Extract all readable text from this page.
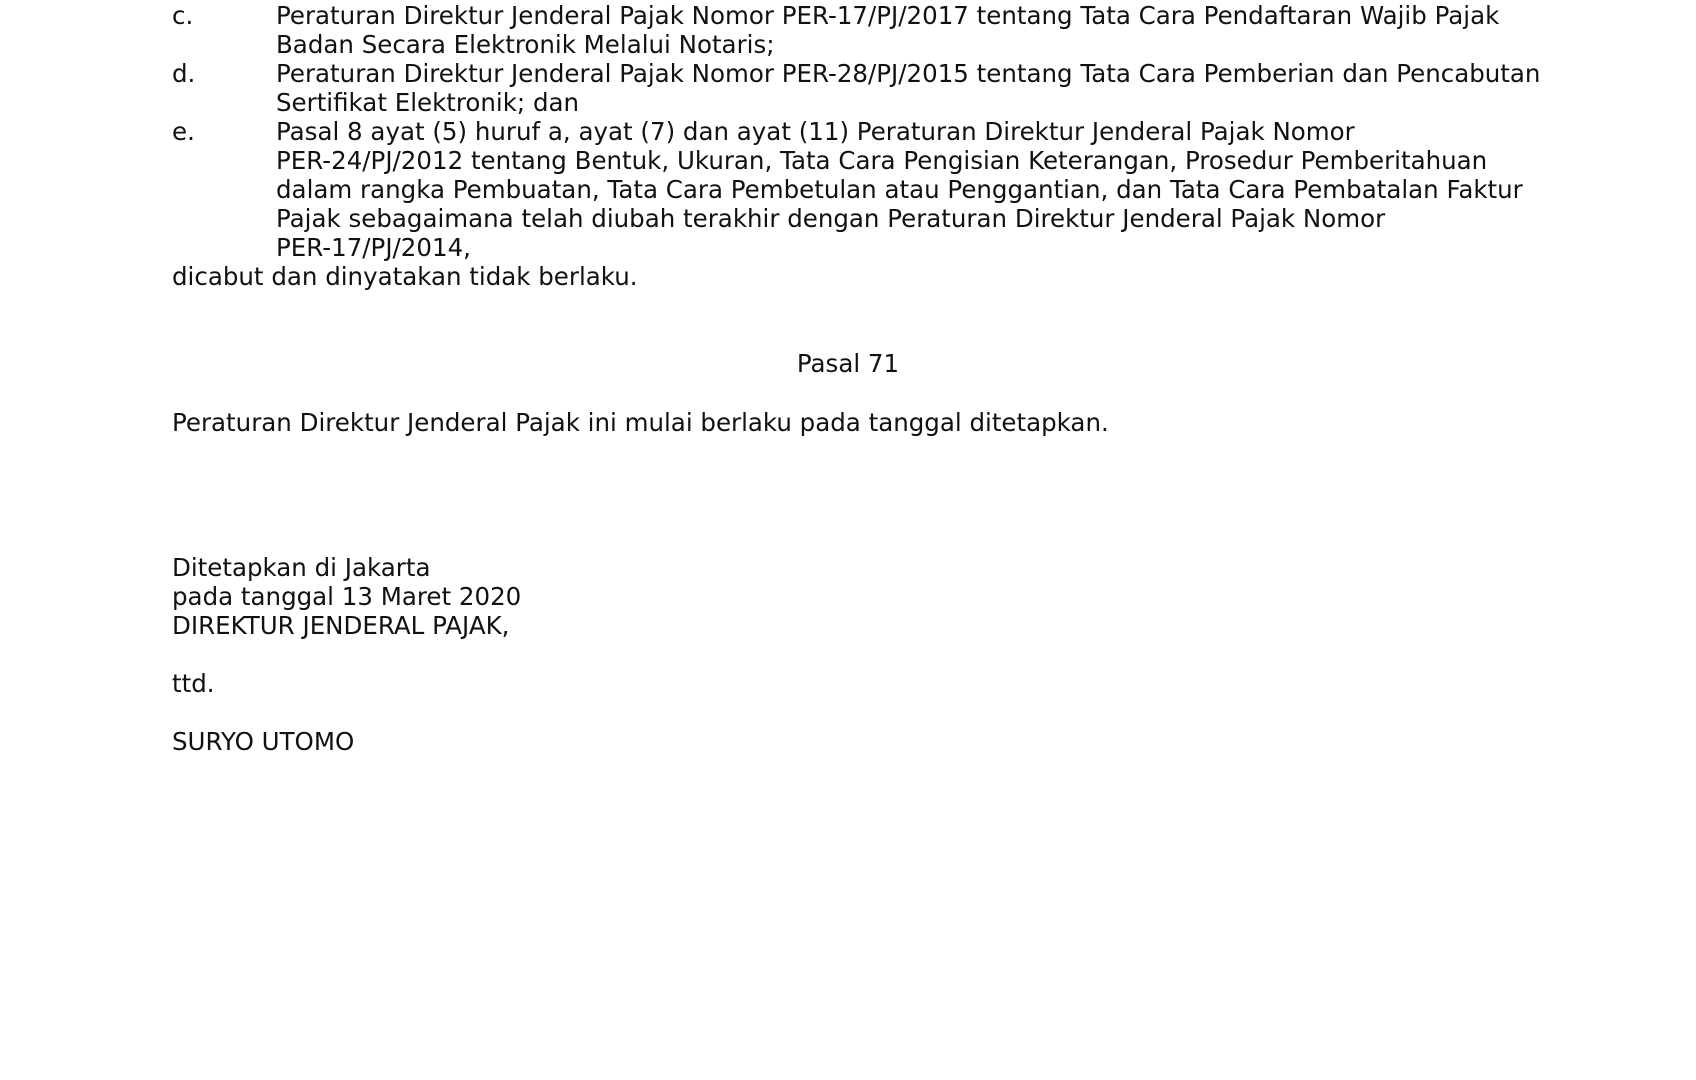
c.	Peraturan Direktur Jenderal Pajak Nomor PER-17/PJ/2017 tentang Tata Cara Pendaftaran Wajib Pajak
Badan Secara Elektronik Melalui Notaris;
d.	Peraturan Direktur Jenderal Pajak Nomor PER-28/PJ/2015 tentang Tata Cara Pemberian dan Pencabutan
Sertifikat Elektronik; dan
e.	Pasal 8 ayat (5) huruf a, ayat (7) dan ayat (11) Peraturan Direktur Jenderal Pajak Nomor
PER-24/PJ/2012 tentang Bentuk, Ukuran, Tata Cara Pengisian Keterangan, Prosedur Pemberitahuan
dalam rangka Pembuatan, Tata Cara Pembetulan atau Penggantian, dan Tata Cara Pembatalan Faktur
Pajak sebagaimana telah diubah terakhir dengan Peraturan Direktur Jenderal Pajak Nomor
PER-17/PJ/2014,
dicabut dan dinyatakan tidak berlaku.
Pasal 71
Peraturan Direktur Jenderal Pajak ini mulai berlaku pada tanggal ditetapkan.
Ditetapkan di Jakarta
pada tanggal 13 Maret 2020
DIREKTUR JENDERAL PAJAK,
ttd.
SURYO UTOMO
